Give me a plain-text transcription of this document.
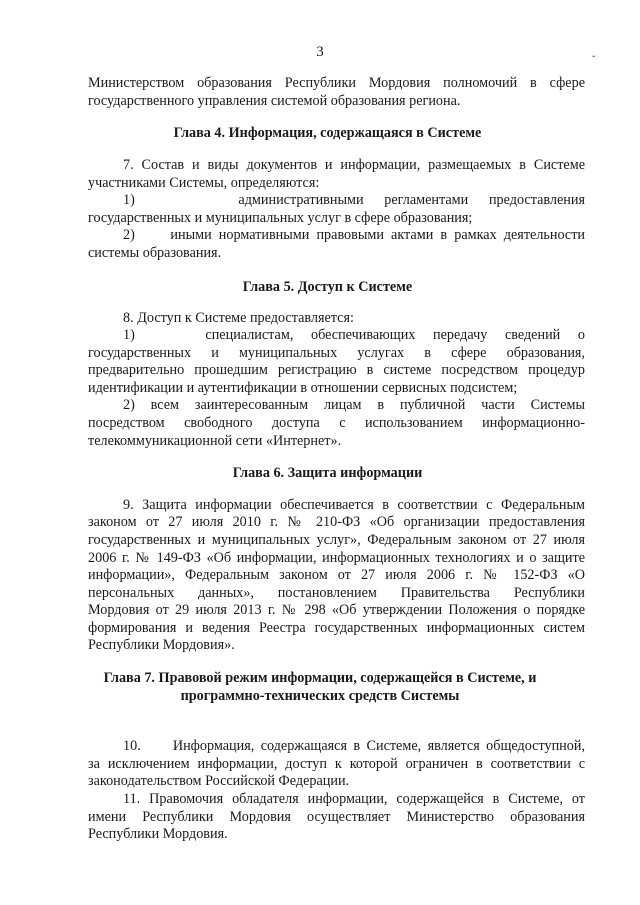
3
ˇ

Министерством образования Республики Мордовия полномочий в сфере

государственного управления системой образования региона.

Глава 4. Информация, содержащаяся в Системе

7. Состав и виды документов и информации, размещаемых в Системе

участниками Системы, определяются:

1)     административными регламентами предоставления

государственных и муниципальных услуг в сфере образования;

2)     иными нормативными правовыми актами в рамках деятельности

системы образования.

Глава 5. Доступ к Системе

8. Доступ к Системе предоставляется:

1)    специалистам, обеспечивающих передачу сведений о

государственных и муниципальных услугах в сфере образования,

предварительно прошедшим регистрацию в системе посредством процедур

идентификации и аутентификации в отношении сервисных подсистем;

2) всем заинтересованным лицам в публичной части Системы

посредством свободного доступа с использованием информационно-

телекоммуникационной сети «Интернет».

Глава 6. Защита информации

9. Защита информации обеспечивается в соответствии с Федеральным

законом от 27 июля 2010 г. № 210-ФЗ «Об организации предоставления

государственных и муниципальных услуг», Федеральным законом от 27 июля

2006 г. № 149-ФЗ «Об информации, информационных технологиях и о защите

информации», Федеральным законом от 27 июля 2006 г. № 152-ФЗ «О

персональных данных», постановлением Правительства Республики

Мордовия от 29 июля 2013 г. № 298 «Об утверждении Положения о порядке

формирования и ведения Реестра государственных информационных систем

Республики Мордовия».

Глава 7. Правовой режим информации, содержащейся в Системе, и

программно-технических средств Системы

10.     Информация, содержащаяся в Системе, является общедоступной,

за исключением информации, доступ к которой ограничен в соответствии с

законодательством Российской Федерации.

11. Правомочия обладателя информации, содержащейся в Системе, от

имени Республики Мордовия осуществляет Министерство образования

Республики Мордовия.
